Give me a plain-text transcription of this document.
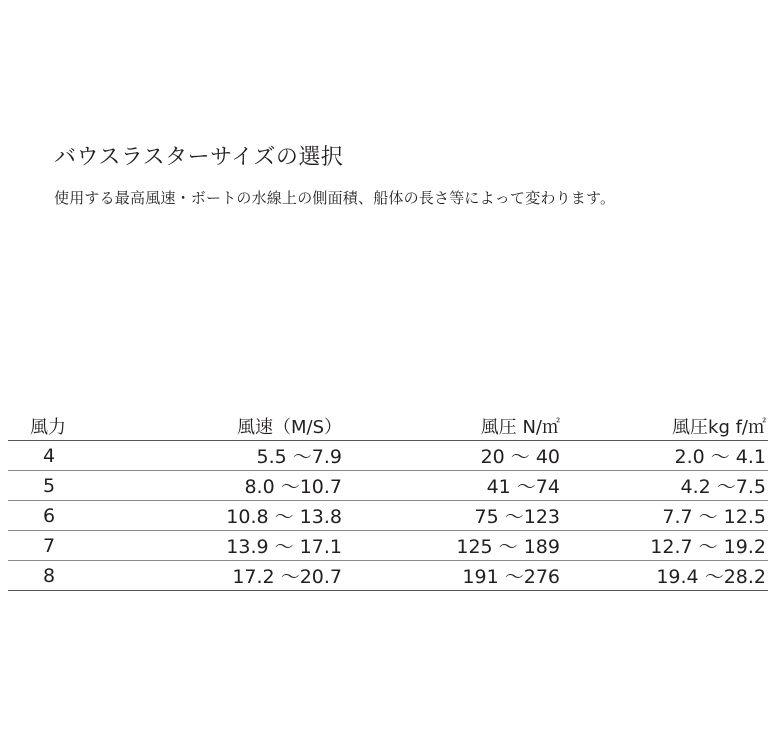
バウスラスターサイズの選択
使用する最高風速・ボートの水線上の側面積、船体の長さ等によって変わります。
風力	風速（M/S）	風圧 N/㎡	風圧kg f/㎡
4	5.5 〜7.9	20 〜 40	2.0 〜 4.1
5	8.0 〜10.7	41 〜74	4.2 〜7.5
6	10.8 〜 13.8	75 〜123	7.7 〜 12.5
7	13.9 〜 17.1	125 〜 189	12.7 〜 19.2
8	17.2 〜20.7	191 〜276	19.4 〜28.2
